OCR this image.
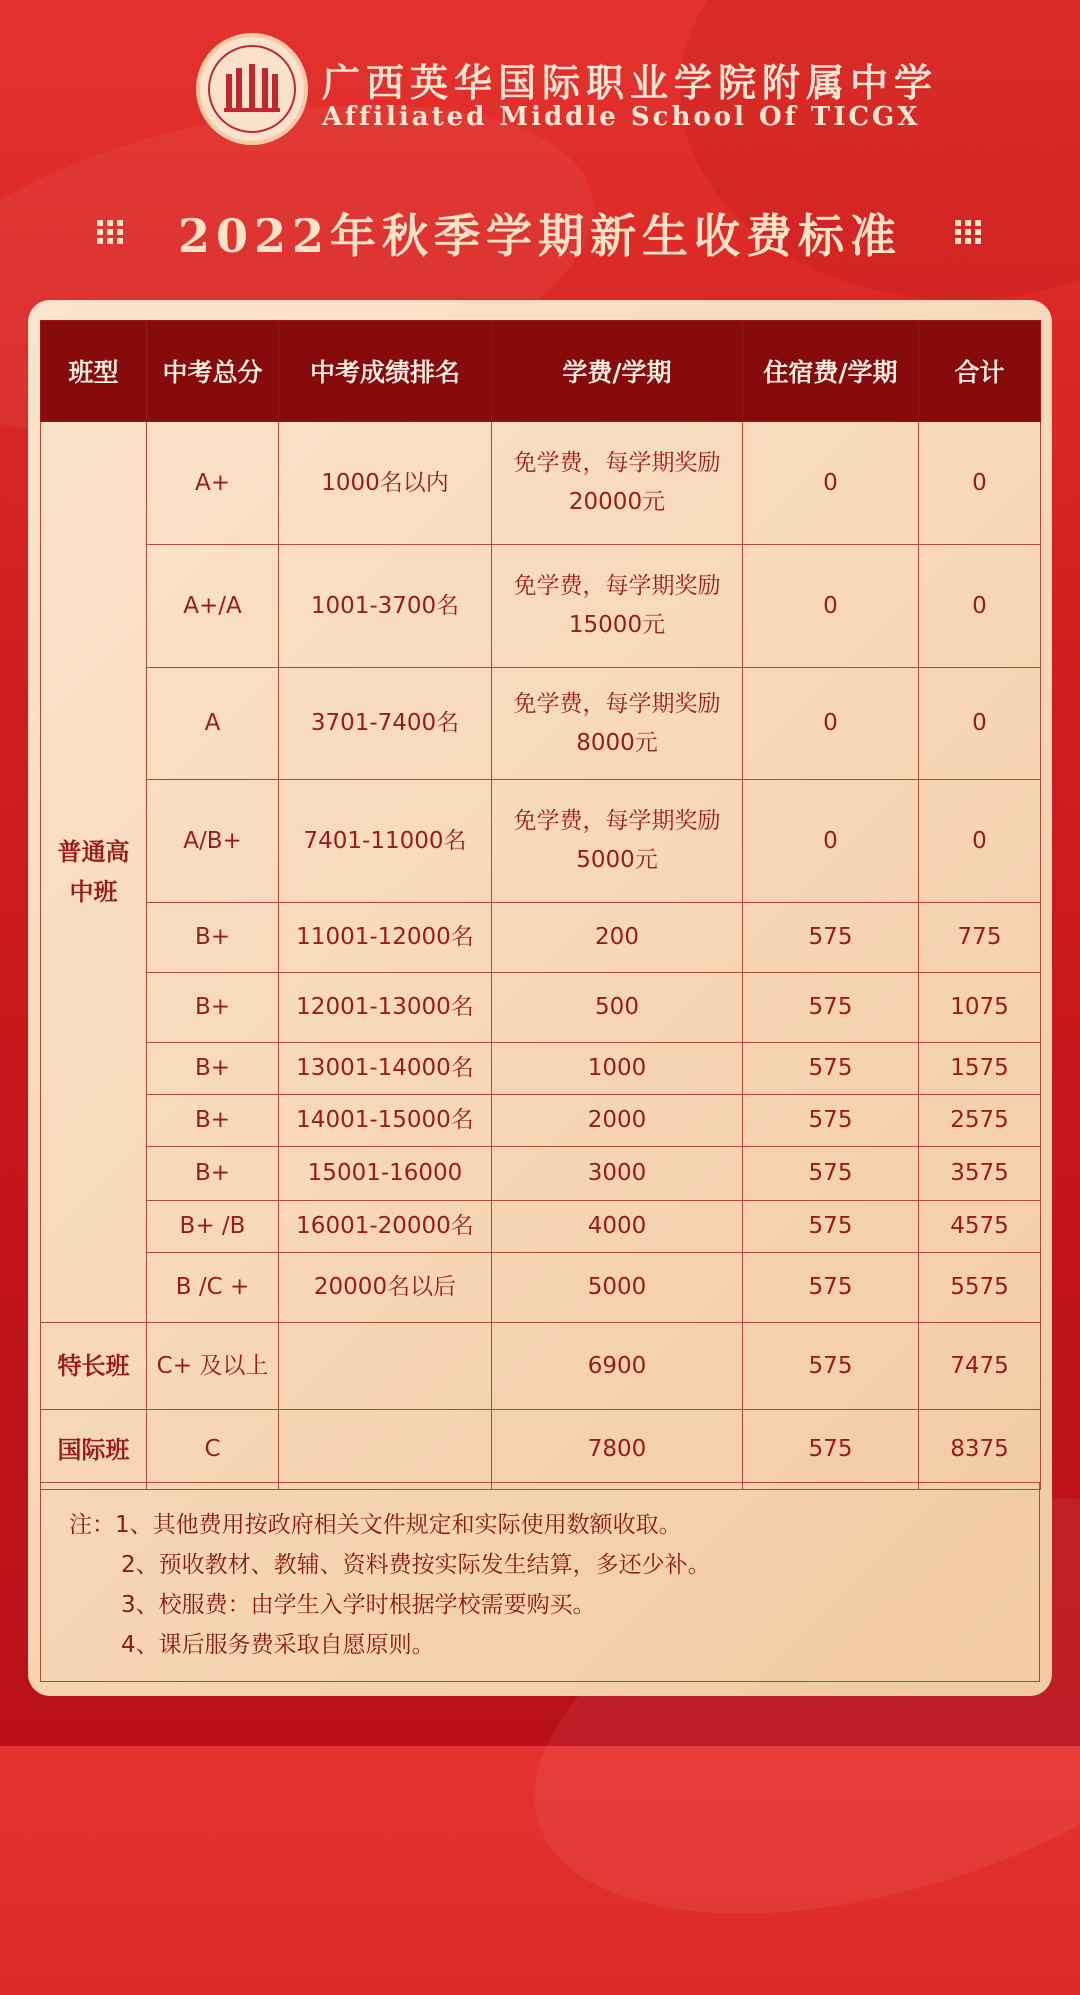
广西英华国际职业学院附属中学
Affiliated Middle School Of TICGX
2022年秋季学期新生收费标准
班型	中考总分	中考成绩排名	学费/学期	住宿费/学期	合计
普通高中班	A+	1000名以内	免学费，每学期奖励20000元	0	0
	A+/A	1001-3700名	免学费，每学期奖励15000元	0	0
	A	3701-7400名	免学费，每学期奖励8000元	0	0
	A/B+	7401-11000名	免学费，每学期奖励5000元	0	0
	B+	11001-12000名	200	575	775
	B+	12001-13000名	500	575	1075
	B+	13001-14000名	1000	575	1575
	B+	14001-15000名	2000	575	2575
	B+	15001-16000	3000	575	3575
	B+ /B	16001-20000名	4000	575	4575
	B /C +	20000名以后	5000	575	5575
特长班	C+ 及以上		6900	575	7475
国际班	C		7800	575	8375
注：1、其他费用按政府相关文件规定和实际使用数额收取。
2、预收教材、教辅、资料费按实际发生结算，多还少补。
3、校服费：由学生入学时根据学校需要购买。
4、课后服务费采取自愿原则。
